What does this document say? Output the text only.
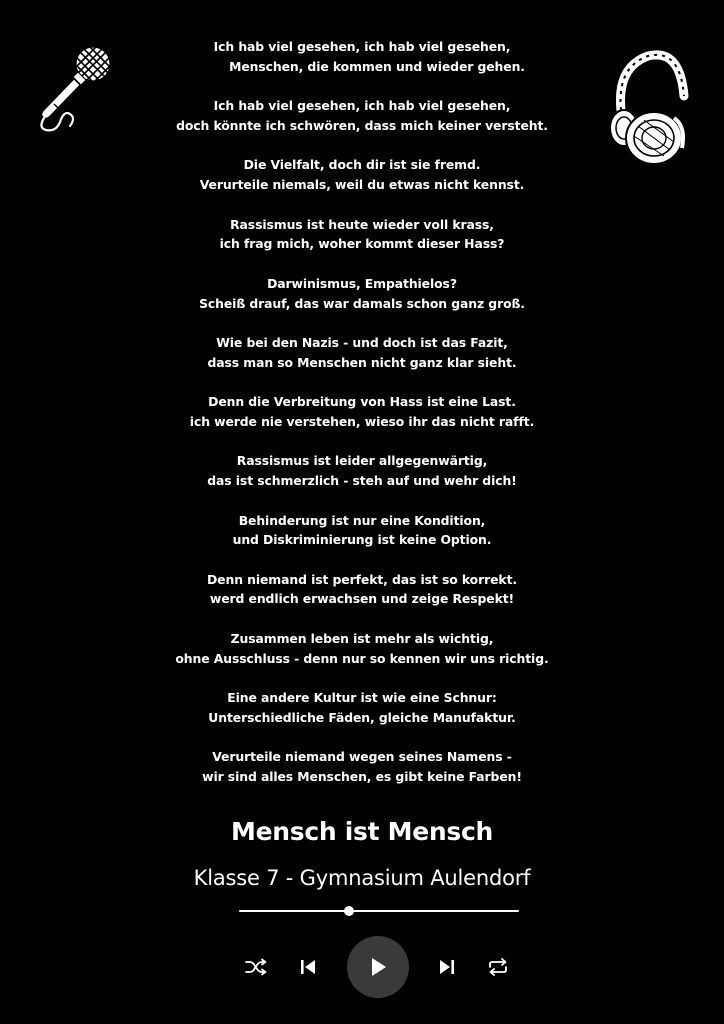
Ich hab viel gesehen, ich hab viel gesehen,
Menschen, die kommen und wieder gehen.
Ich hab viel gesehen, ich hab viel gesehen,
doch könnte ich schwören, dass mich keiner versteht.
Die Vielfalt, doch dir ist sie fremd.
Verurteile niemals, weil du etwas nicht kennst.
Rassismus ist heute wieder voll krass,
ich frag mich, woher kommt dieser Hass?
Darwinismus, Empathielos?
Scheiß drauf, das war damals schon ganz groß.
Wie bei den Nazis - und doch ist das Fazit,
dass man so Menschen nicht ganz klar sieht.
Denn die Verbreitung von Hass ist eine Last.
ich werde nie verstehen, wieso ihr das nicht rafft.
Rassismus ist leider allgegenwärtig,
das ist schmerzlich - steh auf und wehr dich!
Behinderung ist nur eine Kondition,
und Diskriminierung ist keine Option.
Denn niemand ist perfekt, das ist so korrekt.
werd endlich erwachsen und zeige Respekt!
Zusammen leben ist mehr als wichtig,
ohne Ausschluss - denn nur so kennen wir uns richtig.
Eine andere Kultur ist wie eine Schnur:
Unterschiedliche Fäden, gleiche Manufaktur.
Verurteile niemand wegen seines Namens -
wir sind alles Menschen, es gibt keine Farben!
Mensch ist Mensch
Klasse 7 - Gymnasium Aulendorf
